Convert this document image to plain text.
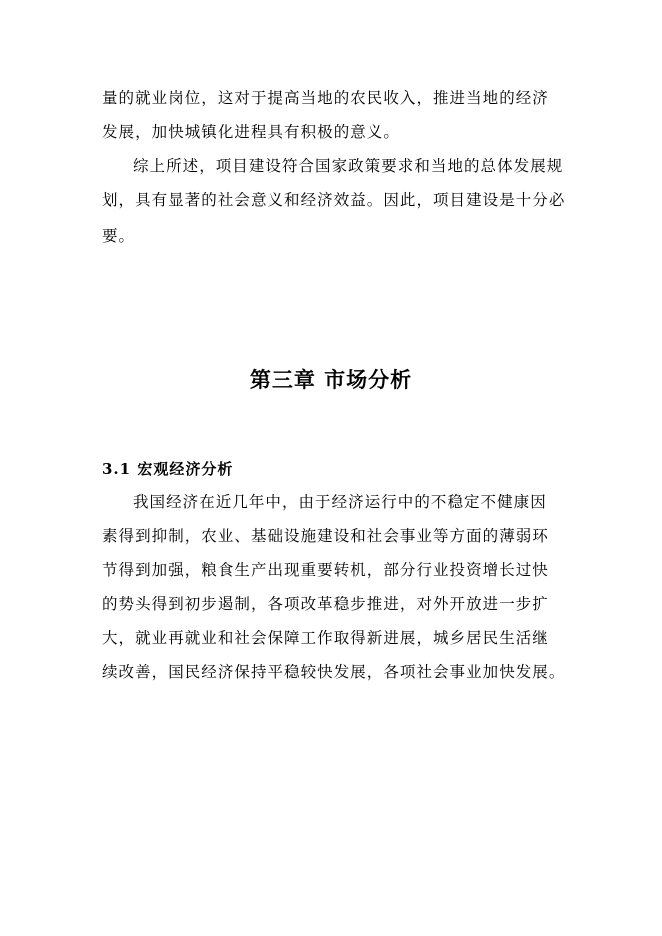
量的就业岗位，这对于提高当地的农民收入，推进当地的经济
发展，加快城镇化进程具有积极的意义。
综上所述，项目建设符合国家政策要求和当地的总体发展规
划，具有显著的社会意义和经济效益。因此，项目建设是十分必
要。
第三章 市场分析
3.1 宏观经济分析
我国经济在近几年中，由于经济运行中的不稳定不健康因
素得到抑制，农业、基础设施建设和社会事业等方面的薄弱环
节得到加强，粮食生产出现重要转机，部分行业投资增长过快
的势头得到初步遏制，各项改革稳步推进，对外开放进一步扩
大，就业再就业和社会保障工作取得新进展，城乡居民生活继
续改善，国民经济保持平稳较快发展，各项社会事业加快发展。
